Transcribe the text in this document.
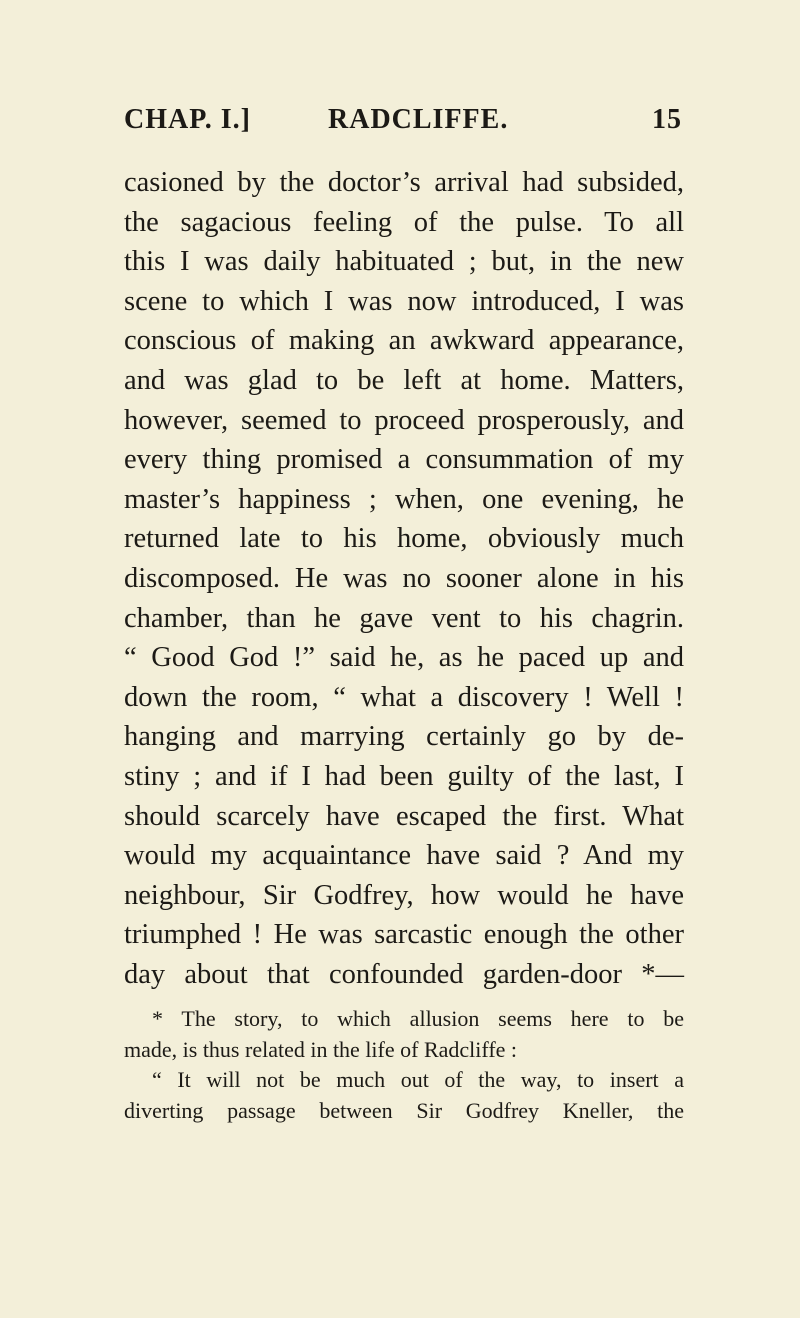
CHAP. I.]	RADCLIFFE.	15
casioned by the doctor’s arrival had subsided,
the sagacious feeling of the pulse. To all
this I was daily habituated ; but, in the new
scene to which I was now introduced, I was
conscious of making an awkward appearance,
and was glad to be left at home. Matters,
however, seemed to proceed prosperously, and
every thing promised a consummation of my
master’s happiness ; when, one evening, he
returned late to his home, obviously much
discomposed. He was no sooner alone in his
chamber, than he gave vent to his chagrin.
“ Good God !” said he, as he paced up and
down the room, “ what a discovery ! Well !
hanging and marrying certainly go by de-
stiny ; and if I had been guilty of the last, I
should scarcely have escaped the first. What
would my acquaintance have said ? And my
neighbour, Sir Godfrey, how would he have
triumphed ! He was sarcastic enough the other
day about that confounded garden-door *—
* The story, to which allusion seems here to be
made, is thus related in the life of Radcliffe :
“ It will not be much out of the way, to insert a
diverting passage between Sir Godfrey Kneller, the
